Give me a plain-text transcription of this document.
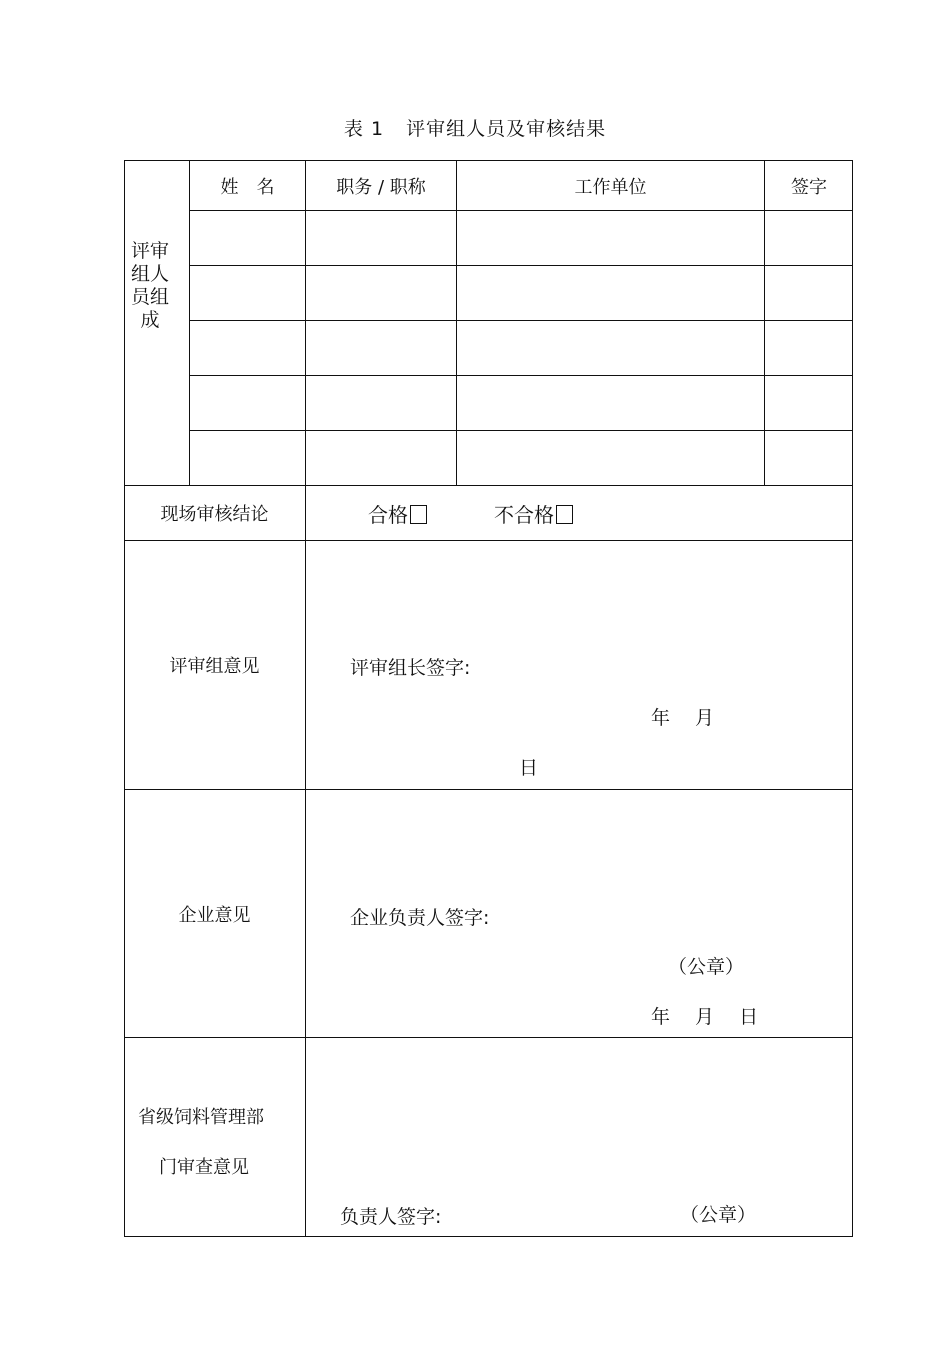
表 1 评审组人员及审核结果
评审组人员组成
姓　名	职务 / 职称	工作单位	签字
现场审核结论	合格	不合格
评审组意见	评审组长签字:
年　 月
日
企业意见	企业负责人签字:
（公章）
年　 月　 日
省级饲料管理部
门审查意见
负责人签字:	（公章）
